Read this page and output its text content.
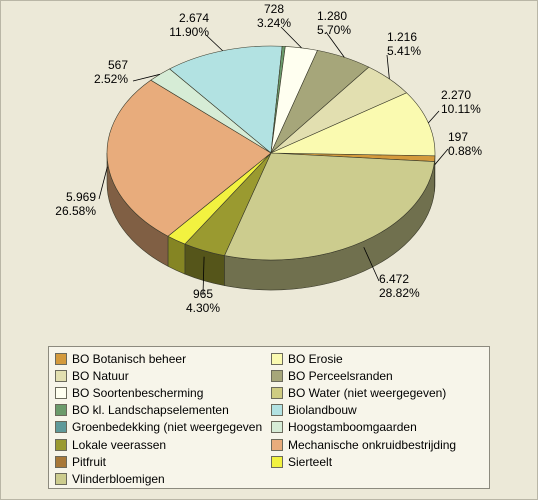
197
0.88%
6.472
28.82%
965
4.30%
5.969
26.58%
567
2.52%
2.674
11.90%
728
3.24% 1.280
5.70%	1.216
5.41%
2.270
10.11%
BO Botanisch beheer	BO Erosie
BO Natuur	BO Perceelsranden
BO Soortenbescherming	BO Water (niet weergegeven)
BO kl. Landschapselementen	Biolandbouw
Groenbedekking (niet weergegeven Hoogstamboomgaarden
Lokale veerassen	Mechanische onkruidbestrijding
Pitfruit	Sierteelt
Vlinderbloemigen
